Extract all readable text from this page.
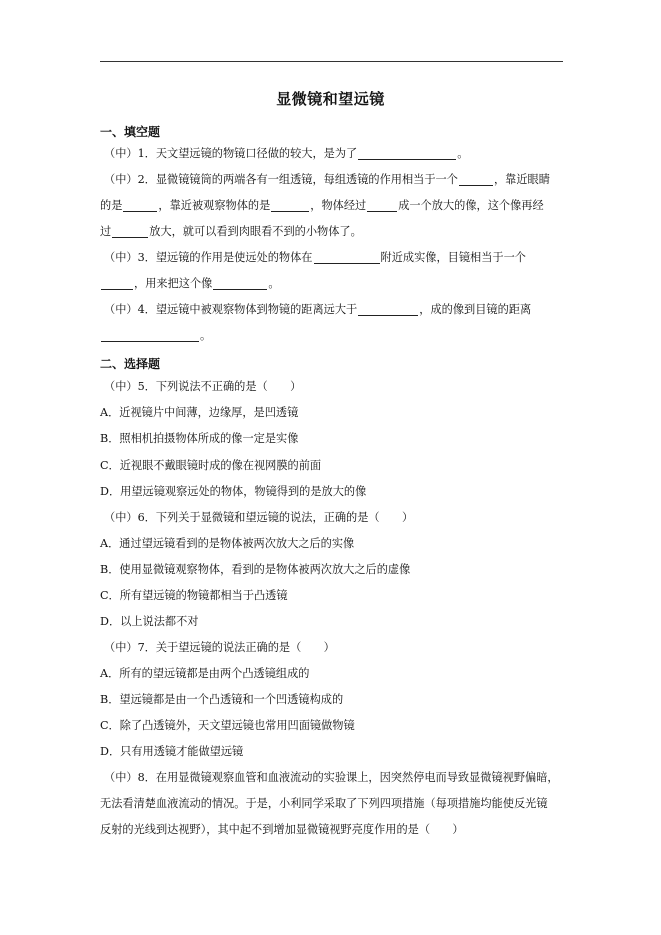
显微镜和望远镜
一、填空题
（中）1．天文望远镜的物镜口径做的较大，是为了	。
（中）2．显微镜镜筒的两端各有一组透镜，每组透镜的作用相当于一个	，靠近眼睛
的是	，靠近被观察物体的是	，物体经过	成一个放大的像，这个像再经
过	放大，就可以看到肉眼看不到的小物体了。
（中）3．望远镜的作用是使远处的物体在	附近成实像，目镜相当于一个
，用来把这个像	。
（中）4．望远镜中被观察物体到物镜的距离远大于	，成的像到目镜的距离
。
二、选择题
（中）5．下列说法不正确的是（　　）
A．近视镜片中间薄，边缘厚，是凹透镜
B．照相机拍摄物体所成的像一定是实像
C．近视眼不戴眼镜时成的像在视网膜的前面
D．用望远镜观察远处的物体，物镜得到的是放大的像
（中）6．下列关于显微镜和望远镜的说法，正确的是（　　）
A．通过望远镜看到的是物体被两次放大之后的实像
B．使用显微镜观察物体，看到的是物体被两次放大之后的虚像
C．所有望远镜的物镜都相当于凸透镜
D．以上说法都不对
（中）7．关于望远镜的说法正确的是（　　）
A．所有的望远镜都是由两个凸透镜组成的
B．望远镜都是由一个凸透镜和一个凹透镜构成的
C．除了凸透镜外，天文望远镜也常用凹面镜做物镜
D．只有用透镜才能做望远镜
（中）8．在用显微镜观察血管和血液流动的实验课上，因突然停电而导致显微镜视野偏暗，
无法看清楚血液流动的情况。于是，小利同学采取了下列四项措施（每项措施均能使反光镜
反射的光线到达视野），其中起不到增加显微镜视野亮度作用的是（　　）
